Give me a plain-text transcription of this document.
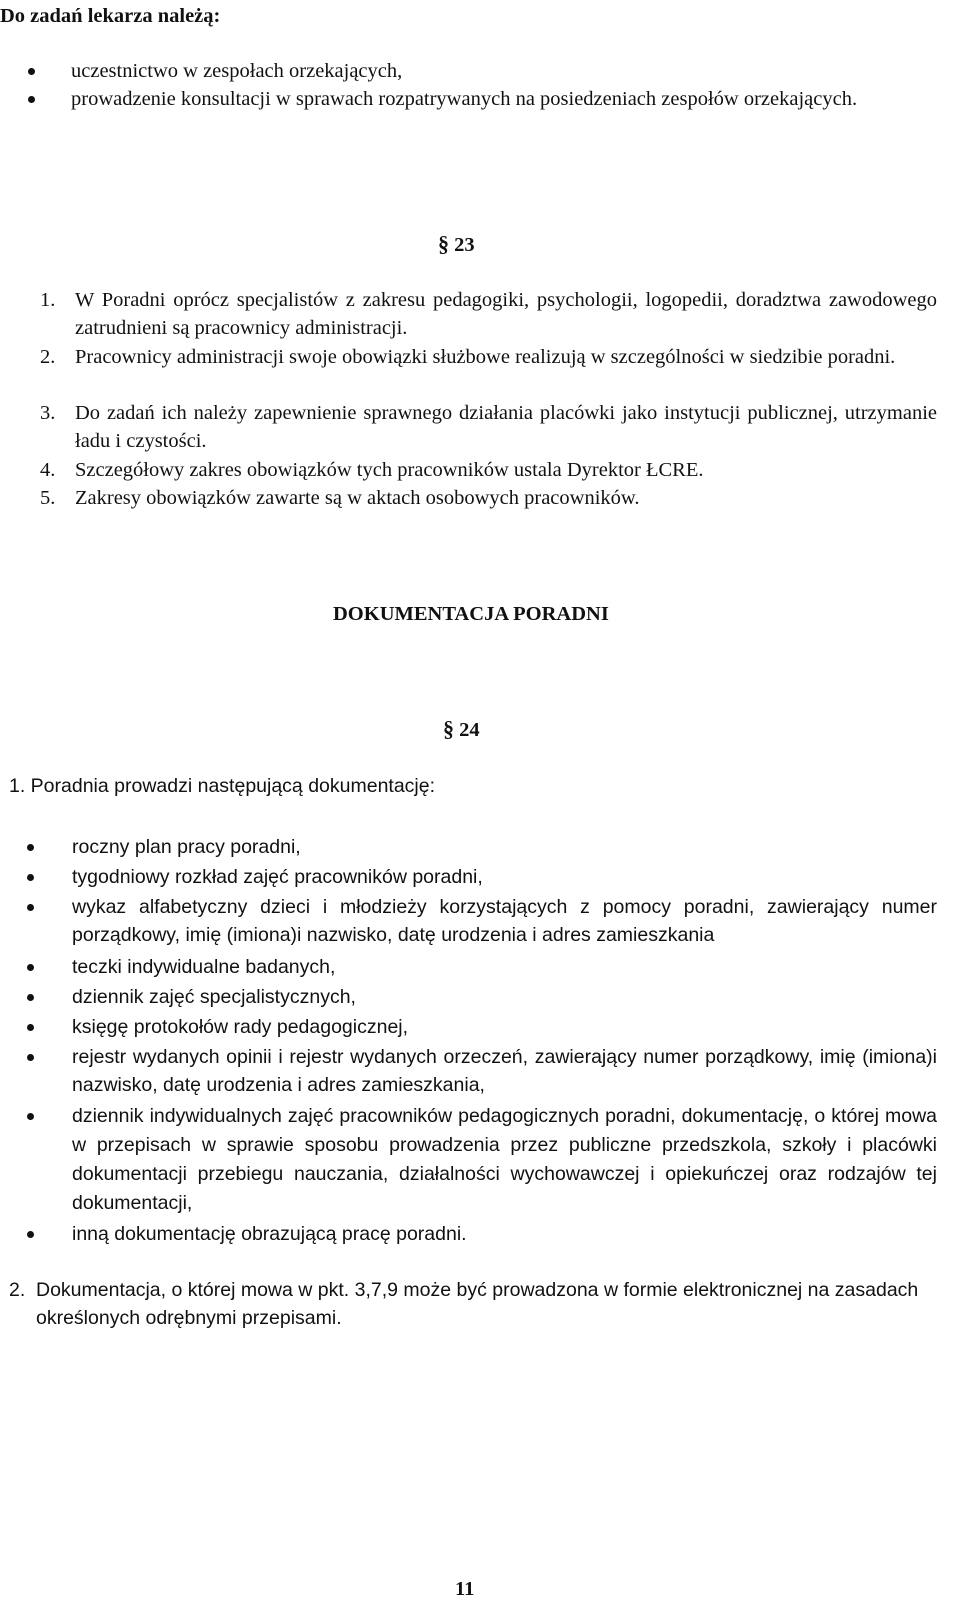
Do zadań lekarza należą:
uczestnictwo w zespołach orzekających,
prowadzenie konsultacji w sprawach rozpatrywanych na posiedzeniach zespołów orzekających.
§ 23
1. W Poradni oprócz specjalistów z zakresu pedagogiki, psychologii, logopedii, doradztwa zawodowego zatrudnieni są pracownicy administracji.
2. Pracownicy administracji swoje obowiązki służbowe realizują w szczególności w siedzibie poradni.
3. Do zadań ich należy zapewnienie sprawnego działania placówki jako instytucji publicznej, utrzymanie ładu i czystości.
4. Szczegółowy zakres obowiązków tych pracowników ustala Dyrektor ŁCRE.
5. Zakresy obowiązków zawarte są w aktach osobowych pracowników.
DOKUMENTACJA PORADNI
§ 24
1. Poradnia prowadzi następującą dokumentację:
roczny plan pracy poradni,
tygodniowy rozkład zajęć pracowników poradni,
wykaz alfabetyczny dzieci i młodzieży korzystających z pomocy poradni, zawierający numer porządkowy, imię (imiona)i nazwisko, datę urodzenia i adres zamieszkania
teczki indywidualne badanych,
dziennik zajęć specjalistycznych,
księgę protokołów rady pedagogicznej,
rejestr wydanych opinii i rejestr wydanych orzeczeń, zawierający numer porządkowy, imię (imiona)i nazwisko, datę urodzenia i adres zamieszkania,
dziennik indywidualnych zajęć pracowników pedagogicznych poradni, dokumentację, o której mowa w przepisach w sprawie sposobu prowadzenia przez publiczne przedszkola, szkoły i placówki dokumentacji przebiegu nauczania, działalności wychowawczej i opiekuńczej oraz rodzajów tej dokumentacji,
inną dokumentację obrazującą pracę poradni.
2. Dokumentacja, o której mowa w pkt. 3,7,9 może być prowadzona w formie elektronicznej na zasadach określonych odrębnymi przepisami.
11
